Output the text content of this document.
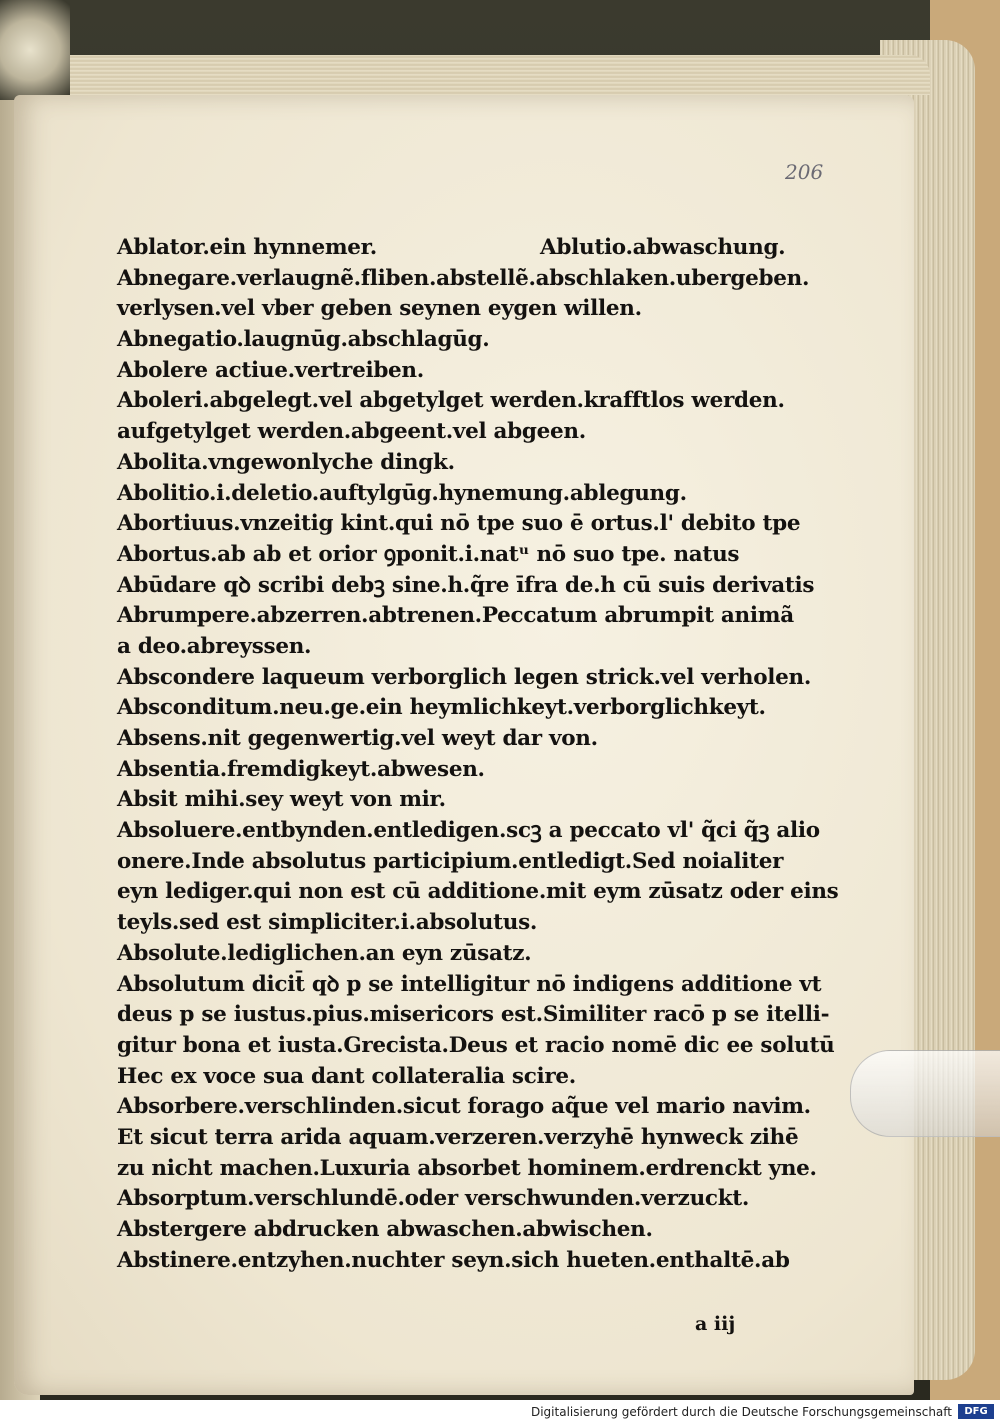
206
Ablutio.abwaschung.
Ablator.ein hynnemer.
Abnegare.verlaugnẽ.fliben.abstellẽ.abschlaken.ubergeben.
verlysen.vel vber geben seynen eygen willen.
Abnegatio.laugnūg.abschlagūg.
Abolere actiue.vertreiben.
Aboleri.abgelegt.vel abgetylget werden.krafftlos werden.
aufgetylget werden.abgeent.vel abgeen.
Abolita.vngewonlyche dingk.
Abolitio.i.deletio.auftylgūg.hynemung.ablegung.
Abortiuus.vnzeitig kint.qui nō tpe suo ē ortus.l' debito tpe
Abortus.ab ab et orior ꝯponit.i.natᵘ nō suo tpe. natus
Abūdare qꝺ scribi debꝫ sine.h.q̃re īfra de.h cū suis derivatis
Abrumpere.abzerren.abtrenen.Peccatum abrumpit animã
a deo.abreyssen.
Abscondere laqueum verborglich legen strick.vel verholen.
Absconditum.neu.ge.ein heymlichkeyt.verborglichkeyt.
Absens.nit gegenwertig.vel weyt dar von.
Absentia.fremdigkeyt.abwesen.
Absit mihi.sey weyt von mir.
Absoluere.entbynden.entledigen.scꝫ a peccato vl' q̃ci q̃ꝫ alio
onere.Inde absolutus participium.entledigt.Sed noialiter
eyn lediger.qui non est cū additione.mit eym zūsatz oder eins
teyls.sed est simpliciter.i.absolutus.
Absolute.lediglichen.an eyn zūsatz.
Absolutum dicit̄ qꝺ p se intelligitur nō indigens additione vt
deus p se iustus.pius.misericors est.Similiter racō p se itelli-
gitur bona et iusta.Grecista.Deus et racio nomē dic ee solutū
Hec ex voce sua dant collateralia scire.
Absorbere.verschlinden.sicut forago aq̃ue vel mario navim.
Et sicut terra arida aquam.verzeren.verzyhē hynweck zihē
zu nicht machen.Luxuria absorbet hominem.erdrenckt yne.
Absorptum.verschlundē.oder verschwunden.verzuckt.
Abstergere abdrucken abwaschen.abwischen.
Abstinere.entzyhen.nuchter seyn.sich hueten.enthaltē.ab
a iij
Digitalisierung gefördert durch die Deutsche Forschungsgemeinschaft	DFG
